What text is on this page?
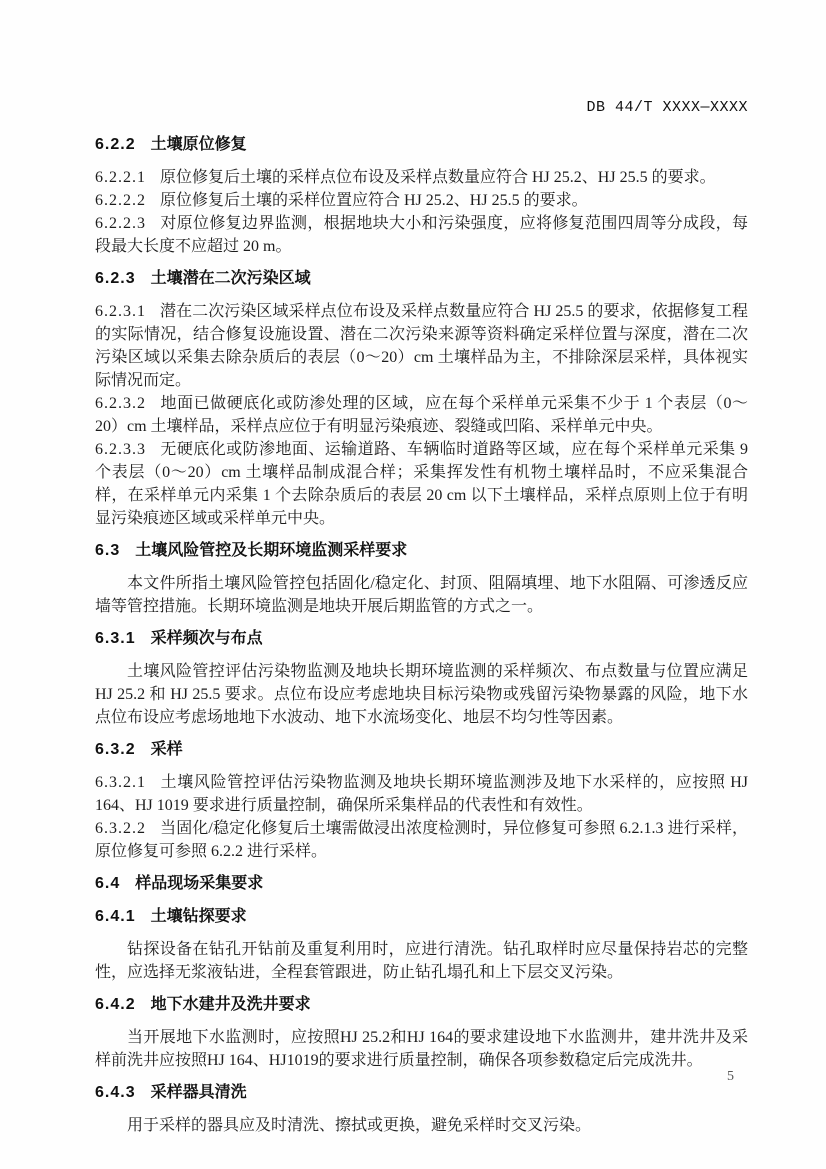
DB 44/T XXXX—XXXX
6.2.2 土壤原位修复

6.2.2.1 原位修复后土壤的采样点位布设及采样点数量应符合 HJ 25.2、HJ 25.5 的要求。

6.2.2.2 原位修复后土壤的采样位置应符合 HJ 25.2、HJ 25.5 的要求。

6.2.2.3 对原位修复边界监测，根据地块大小和污染强度，应将修复范围四周等分成段，每段最大长度不应超过 20 m。

6.2.3 土壤潜在二次污染区域

6.2.3.1 潜在二次污染区域采样点位布设及采样点数量应符合 HJ 25.5 的要求，依据修复工程的实际情况，结合修复设施设置、潜在二次污染来源等资料确定采样位置与深度，潜在二次污染区域以采集去除杂质后的表层（0～20）cm 土壤样品为主，不排除深层采样，具体视实际情况而定。

6.2.3.2 地面已做硬底化或防渗处理的区域，应在每个采样单元采集不少于 1 个表层（0～20）cm 土壤样品，采样点应位于有明显污染痕迹、裂缝或凹陷、采样单元中央。

6.2.3.3 无硬底化或防渗地面、运输道路、车辆临时道路等区域，应在每个采样单元采集 9 个表层（0～20）cm 土壤样品制成混合样；采集挥发性有机物土壤样品时，不应采集混合样，在采样单元内采集 1 个去除杂质后的表层 20 cm 以下土壤样品，采样点原则上位于有明显污染痕迹区域或采样单元中央。

6.3 土壤风险管控及长期环境监测采样要求

本文件所指土壤风险管控包括固化/稳定化、封顶、阻隔填埋、地下水阻隔、可渗透反应墙等管控措施。长期环境监测是地块开展后期监管的方式之一。

6.3.1 采样频次与布点

土壤风险管控评估污染物监测及地块长期环境监测的采样频次、布点数量与位置应满足 HJ 25.2 和 HJ 25.5 要求。点位布设应考虑地块目标污染物或残留污染物暴露的风险，地下水点位布设应考虑场地地下水波动、地下水流场变化、地层不均匀性等因素。

6.3.2 采样

6.3.2.1 土壤风险管控评估污染物监测及地块长期环境监测涉及地下水采样的，应按照 HJ 164、HJ 1019 要求进行质量控制，确保所采集样品的代表性和有效性。

6.3.2.2 当固化/稳定化修复后土壤需做浸出浓度检测时，异位修复可参照 6.2.1.3 进行采样，原位修复可参照 6.2.2 进行采样。

6.4 样品现场采集要求
6.4.1 土壤钻探要求

钻探设备在钻孔开钻前及重复利用时，应进行清洗。钻孔取样时应尽量保持岩芯的完整性，应选择无浆液钻进，全程套管跟进，防止钻孔塌孔和上下层交叉污染。

6.4.2 地下水建井及洗井要求

当开展地下水监测时，应按照HJ 25.2和HJ 164的要求建设地下水监测井，建井洗井及采样前洗井应按照HJ 164、HJ1019的要求进行质量控制，确保各项参数稳定后完成洗井。

6.4.3 采样器具清洗

用于采样的器具应及时清洗、擦拭或更换，避免采样时交叉污染。

5
